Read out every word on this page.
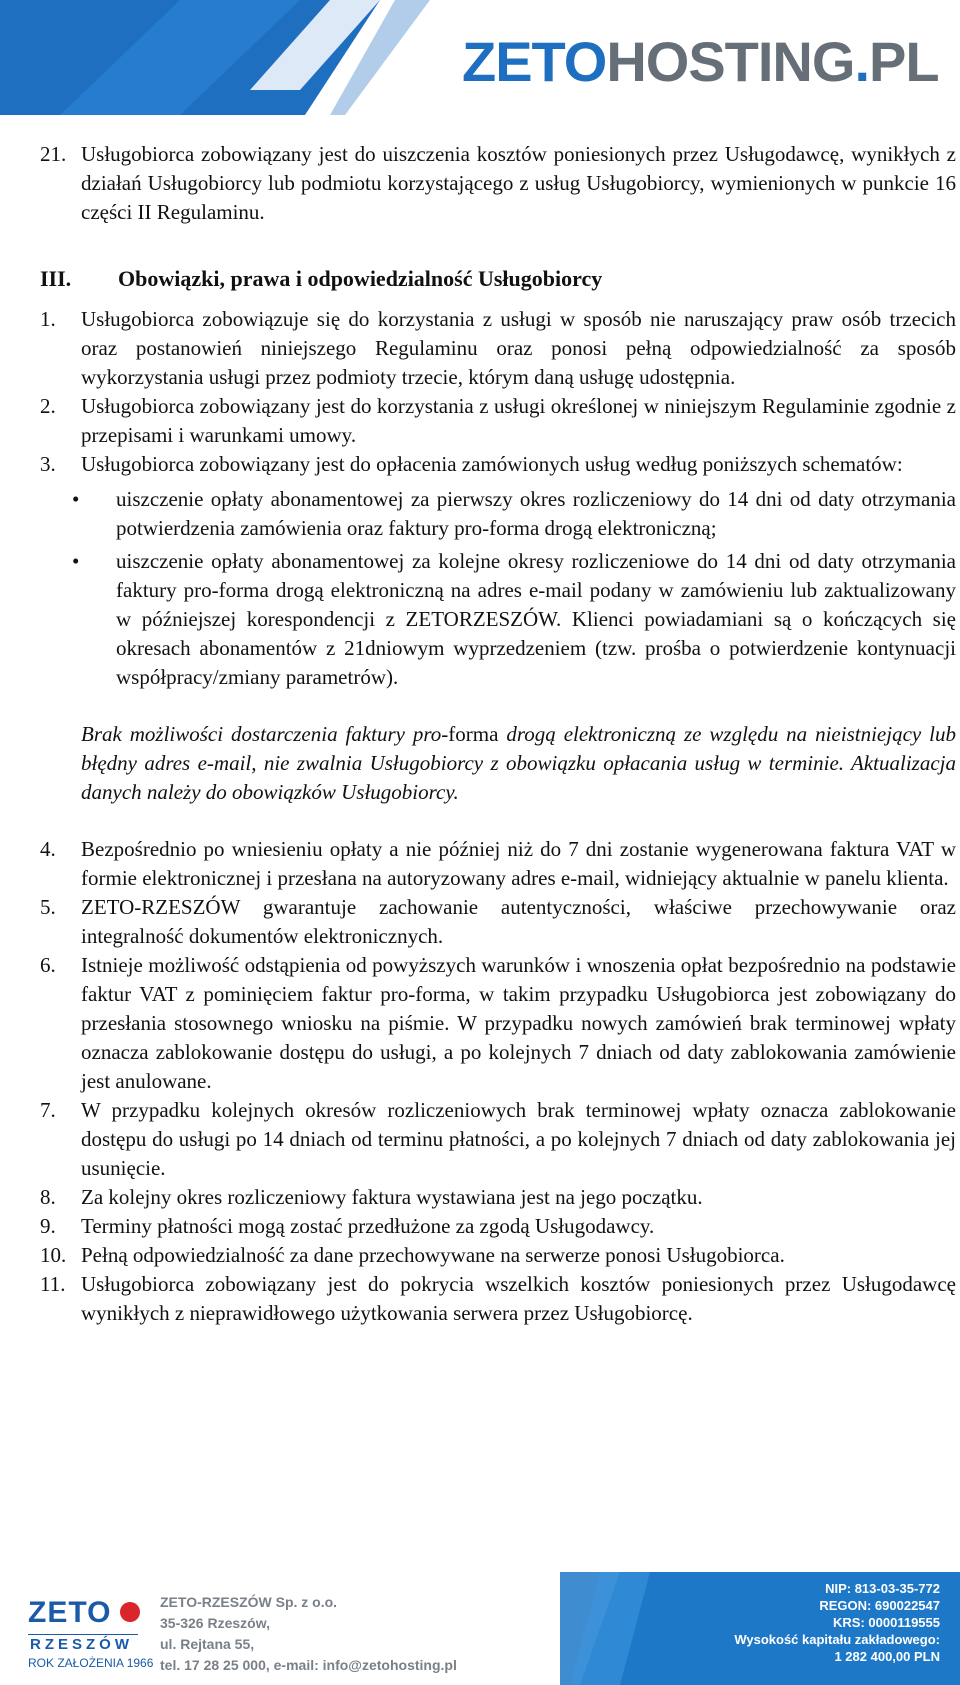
ZETOHOSTING.PL

21. Usługobiorca zobowiązany jest do uiszczenia kosztów poniesionych przez Usługodawcę, wynikłych z działań Usługobiorcy lub podmiotu korzystającego z usług Usługobiorcy, wymienionych w punkcie 16 części II Regulaminu.

III. Obowiązki, prawa i odpowiedzialność Usługobiorcy

1. Usługobiorca zobowiązuje się do korzystania z usługi w sposób nie naruszający praw osób trzecich oraz postanowień niniejszego Regulaminu oraz ponosi pełną odpowiedzialność za sposób wykorzystania usługi przez podmioty trzecie, którym daną usługę udostępnia.

2. Usługobiorca zobowiązany jest do korzystania z usługi określonej w niniejszym Regulaminie zgodnie z przepisami i warunkami umowy.

3. Usługobiorca zobowiązany jest do opłacenia zamówionych usług według poniższych schematów:

• uiszczenie opłaty abonamentowej za pierwszy okres rozliczeniowy do 14 dni od daty otrzymania potwierdzenia zamówienia oraz faktury pro-forma drogą elektroniczną;

• uiszczenie opłaty abonamentowej za kolejne okresy rozliczeniowe do 14 dni od daty otrzymania faktury pro-forma drogą elektroniczną na adres e-mail podany w zamówieniu lub zaktualizowany w późniejszej korespondencji z ZETORZESZÓW. Klienci powiadamiani są o kończących się okresach abonamentów z 21dniowym wyprzedzeniem (tzw. prośba o potwierdzenie kontynuacji współpracy/zmiany parametrów).

Brak możliwości dostarczenia faktury pro-forma drogą elektroniczną ze względu na nieistniejący lub błędny adres e-mail, nie zwalnia Usługobiorcy z obowiązku opłacania usług w terminie. Aktualizacja danych należy do obowiązków Usługobiorcy.

4. Bezpośrednio po wniesieniu opłaty a nie później niż do 7 dni zostanie wygenerowana faktura VAT w formie elektronicznej i przesłana na autoryzowany adres e-mail, widniejący aktualnie w panelu klienta.

5. ZETO-RZESZÓW gwarantuje zachowanie autentyczności, właściwe przechowywanie oraz integralność dokumentów elektronicznych.

6. Istnieje możliwość odstąpienia od powyższych warunków i wnoszenia opłat bezpośrednio na podstawie faktur VAT z pominięciem faktur pro-forma, w takim przypadku Usługobiorca jest zobowiązany do przesłania stosownego wniosku na piśmie. W przypadku nowych zamówień brak terminowej wpłaty oznacza zablokowanie dostępu do usługi, a po kolejnych 7 dniach od daty zablokowania zamówienie jest anulowane.

7. W przypadku kolejnych okresów rozliczeniowych brak terminowej wpłaty oznacza zablokowanie dostępu do usługi po 14 dniach od terminu płatności, a po kolejnych 7 dniach od daty zablokowania jej usunięcie.

8. Za kolejny okres rozliczeniowy faktura wystawiana jest na jego początku.

9. Terminy płatności mogą zostać przedłużone za zgodą Usługodawcy.

10. Pełną odpowiedzialność za dane przechowywane na serwerze ponosi Usługobiorca.

11. Usługobiorca zobowiązany jest do pokrycia wszelkich kosztów poniesionych przez Usługodawcę wynikłych z nieprawidłowego użytkowania serwera przez Usługobiorcę.

ZETO
RZESZÓW
ROK ZAŁOŻENIA 1966
ZETO-RZESZÓW Sp. z o.o.
35-326 Rzeszów,
ul. Rejtana 55,
tel. 17 28 25 000, e-mail: info@zetohosting.pl
NIP: 813-03-35-772
REGON: 690022547
KRS: 0000119555
Wysokość kapitału zakładowego:
1 282 400,00 PLN
